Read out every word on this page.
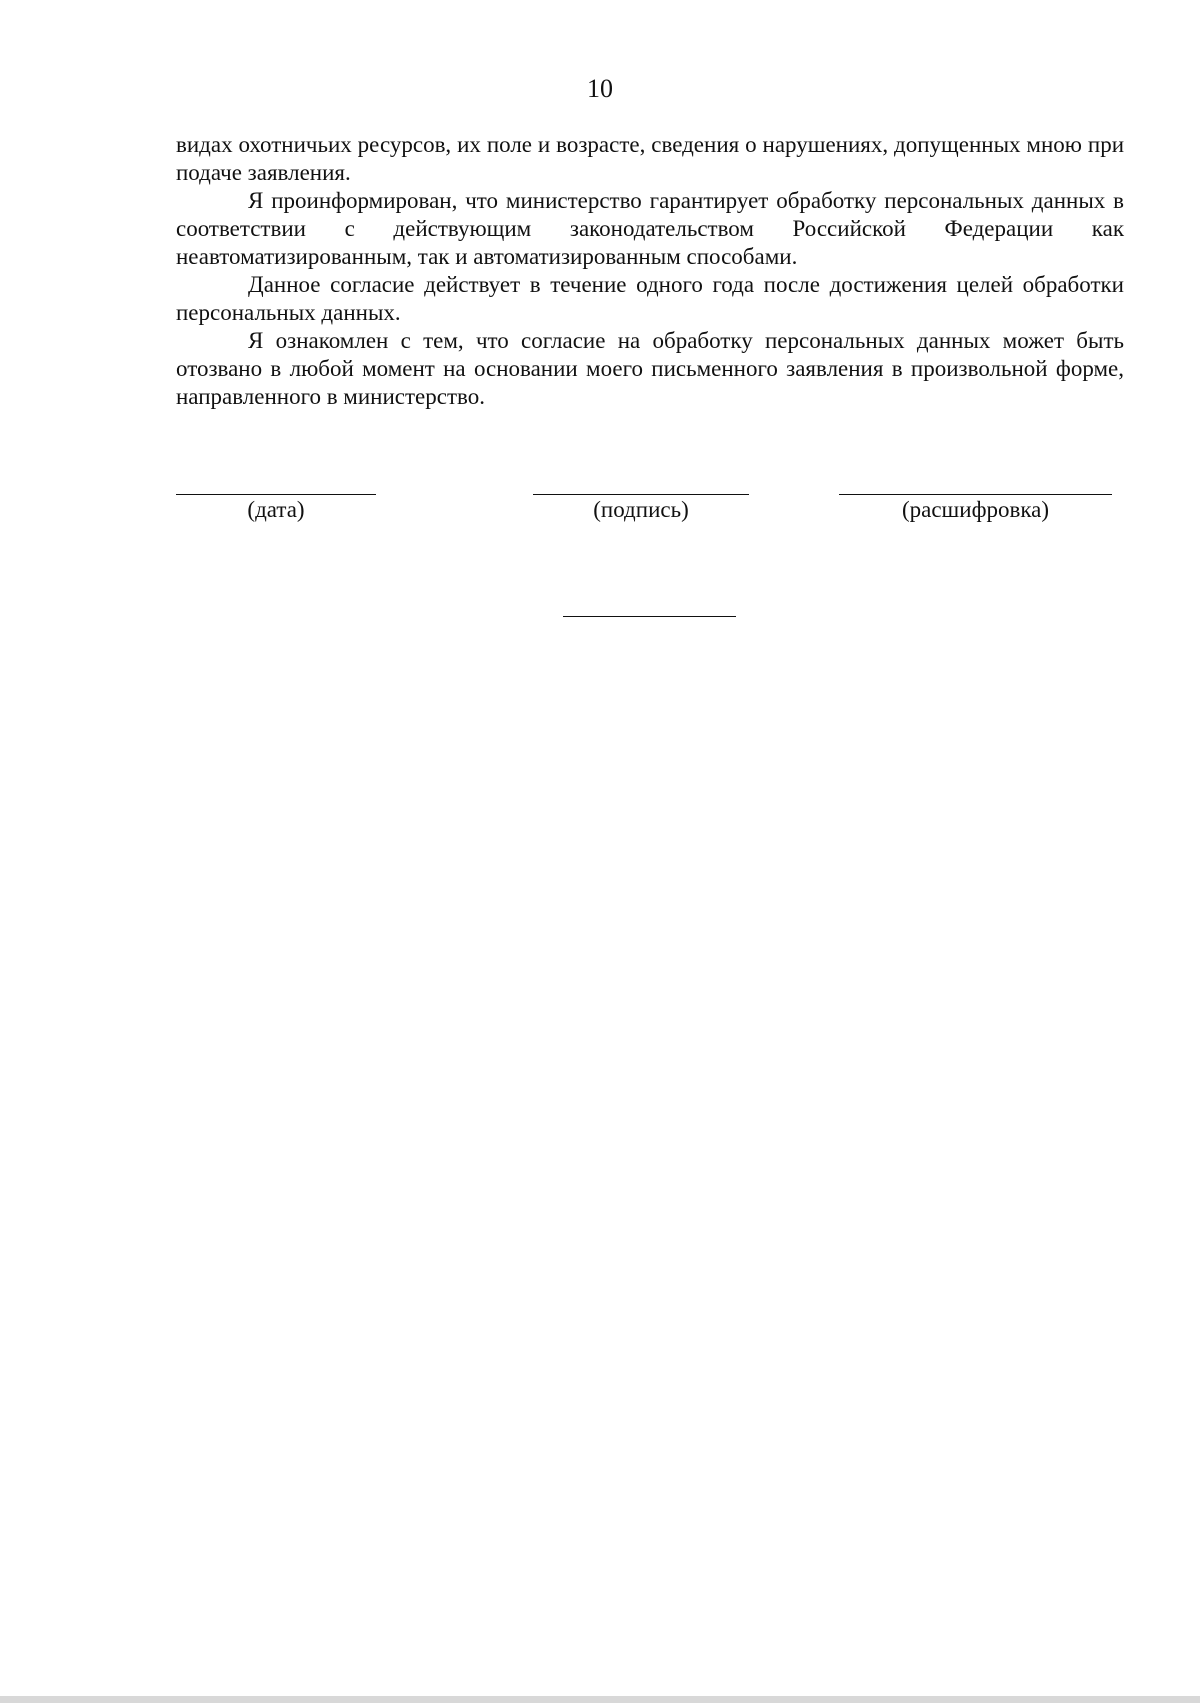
10

видах охотничьих ресурсов, их поле и возрасте, сведения о нарушениях, допущенных мною при подаче заявления.

Я проинформирован, что министерство гарантирует обработку персональных данных в соответствии с действующим законодательством Российской Федерации как неавтоматизированным, так и автоматизированным способами.

Данное согласие действует в течение одного года после достижения целей обработки персональных данных.

Я ознакомлен с тем, что согласие на обработку персональных данных может быть отозвано в любой момент на основании моего письменного заявления в произвольной форме, направленного в министерство.

(дата)	(подпись)	(расшифровка)
